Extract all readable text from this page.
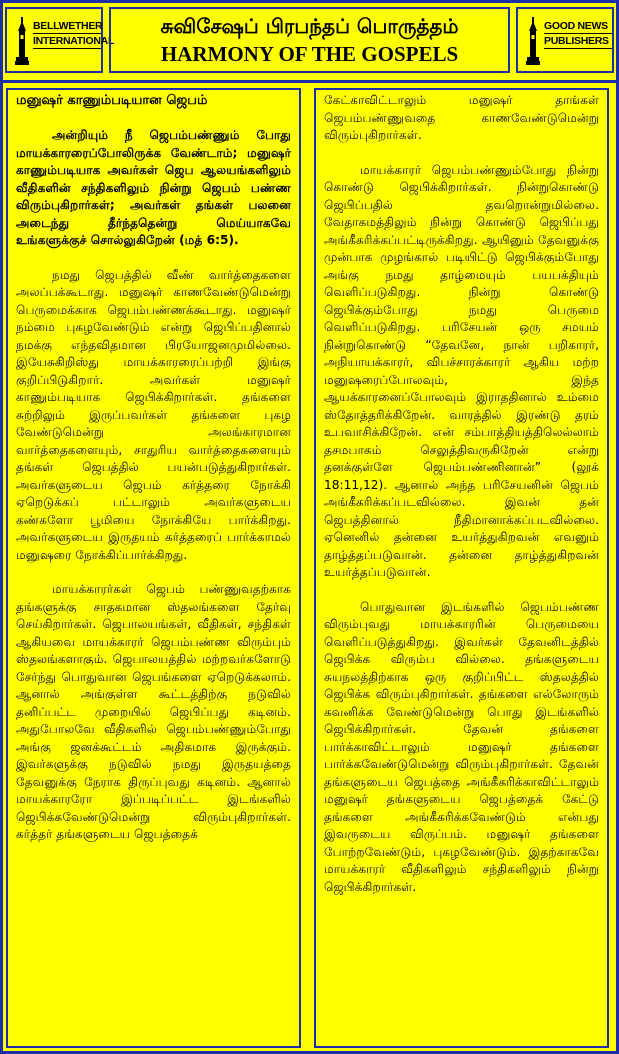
BELLWETHER
INTERNATIONAL
சுவிசேஷப் பிரபந்தப் பொருத்தம்
HARMONY OF THE GOSPELS
GOOD NEWS
PUBLISHERS

மனுஷர் காணும்படியான ஜெபம்

அன்றியும் நீ ஜெபம்பண்ணும் போது மாயக்காரரைப்போலிருக்க வேண்டாம்; மனுஷர் காணும்படியாக அவர்கள் ஜெப ஆலயங்களிலும் வீதிகளின் சந்திகளிலும் நின்று ஜெபம் பண்ண விரும்புகிறார்கள்; அவர்கள் தங்கள் பலனை அடைந்து தீர்ந்ததென்று மெய்யாகவே உங்களுக்குச் சொல்லுகிறேன் (மத் 6:5).

நமது ஜெபத்தில் வீண் வார்த்தைகளை அலப்பக்கூடாது. மனுஷர் காணவேண்டுமென்று பெருமைக்காக ஜெபம்பண்ணக்கூடாது. மனுஷர் நம்மை புகழவேண்டும் என்று ஜெபிப்பதினால் நமக்கு எந்தவிதமான பிரயோஜனமுமில்லை. இயேசுகிறிஸ்து மாயக்காரரைப்பற்றி இங்கு குறிப்பிடுகிறார். அவர்கள் மனுஷர் காணும்படியாக ஜெபிக்கிறார்கள். தங்களை சுற்றிலும் இருப்பவர்கள் தங்களை புகழ வேண்டுமென்று அலங்காரமான வார்த்தைகளையும், சாதுரிய வார்த்தைகளையும் தங்கள் ஜெபத்தில் பயன்படுத்துகிறார்கள். அவர்களுடைய ஜெபம் கர்த்தரை நோக்கி ஏறெடுக்கப் பட்டாலும் அவர்களுடைய கண்களோ பூமியை நோக்கியே பார்க்கிறது. அவர்களுடைய இருதயம் கர்த்தரைப் பார்க்காமல் மனுஷரை நோக்கிப்பார்க்கிறது.

மாயக்காரர்கள் ஜெபம் பண்ணுவதற்காக தங்களுக்கு சாதகமான ஸ்தலங்களை தேர்வு செய்கிறார்கள். ஜெபாலயங்கள், வீதிகள், சந்திகள் ஆகியவை மாயக்காரர் ஜெபம்பண்ண விரும்பும் ஸ்தலங்களாகும். ஜெபாலயத்தில் மற்றவர்களோடு சேர்ந்து பொதுவான ஜெபங்களை ஏறெடுக்கலாம். ஆனால் அங்குள்ள கூட்டத்திற்கு நடுவில் தனிப்பட்ட முறையில் ஜெபிப்பது கடினம். அதுபோலவே வீதிகளில் ஜெபம்பண்ணும்போது அங்கு ஜனக்கூட்டம் அதிகமாக இருக்கும். இவர்களுக்கு நடுவில் நமது இருதயத்தை தேவனுக்கு நேராக திருப்புவது கடினம். ஆனால் மாயக்காரரோ இப்படிப்பட்ட இடங்களில் ஜெபிக்கவேண்டுமென்று விரும்புகிறார்கள். கர்த்தர் தங்களுடைய ஜெபத்தைக்

கேட்காவிட்டாலும் மனுஷர் தாங்கள் ஜெபம்பண்ணுவதை காணவேண்டுமென்று விரும்புகிறார்கள்.

மாயக்காரர் ஜெபம்பண்ணும்போது நின்று கொண்டு ஜெபிக்கிறார்கள். நின்றுகொண்டு ஜெபிப்பதில் தவறொன்றுமில்லை. வேதாகமத்திலும் நின்று கொண்டு ஜெபிப்பது அங்கீகரிக்கப்பட்டிருக்கிறது. ஆயினும் தேவனுக்கு முன்பாக முழங்கால் படியிட்டு ஜெபிக்கும்போது அங்கு நமது தாழ்மையும் பயபக்தியும் வெளிப்படுகிறது. நின்று கொண்டு ஜெபிக்கும்போது நமது பெருமை வெளிப்படுகிறது. பரிசேயன் ஒரு சமயம் நின்றுகொண்டு “தேவனே, நான் பறிகாரர், அநியாயக்காரர், விபச்சாரக்காரர் ஆகிய மற்ற மனுஷரைப்போலவும், இந்த ஆயக்காரனைப்போலவும் இராததினால் உம்மை ஸ்தோத்தரிக்கிறேன். வாரத்தில் இரண்டு தரம் உபவாசிக்கிறேன். என் சம்பாத்தியத்திலெல்லாம் தசமபாகம் செலுத்திவருகிறேன் என்று தனக்குள்ளே ஜெபம்பண்ணினான்” (லூக் 18:11,12). ஆனால் அந்த பரிசேயனின் ஜெபம் அங்கீகரிக்கப்படவில்லை. இவன் தன் ஜெபத்தினால் நீதிமானாக்கப்படவில்லை. ஏனெனில் தன்னை உயர்த்துகிறவன் எவனும் தாழ்த்தப்படுவான். தன்னை தாழ்த்துகிறவன் உயர்த்தப்படுவான்.

பொதுவான இடங்களில் ஜெபம்பண்ண விரும்புவது மாயக்காரரின் பெருமையை வெளிப்படுத்துகிறது. இவர்கள் தேவனிடத்தில் ஜெபிக்க விரும்ப வில்லை. தங்களுடைய சுயநலத்திற்காக ஒரு குறிப்பிட்ட ஸ்தலத்தில் ஜெபிக்க விரும்புகிறார்கள். தங்களை எல்லோரும் கவனிக்க வேண்டுமென்று பொது இடங்களில் ஜெபிக்கிறார்கள். தேவன் தங்களை பார்க்காவிட்டாலும் மனுஷர் தங்களை பார்க்கவேண்டுமென்று விரும்புகிறார்கள். தேவன் தங்களுடைய ஜெபத்தை அங்கீகரிக்காவிட்டாலும் மனுஷர் தங்களுடைய ஜெபத்தைக் கேட்டு தங்களை அங்கீகரிக்கவேண்டும் என்பது இவருடைய விருப்பம். மனுஷர் தங்களை போற்றவேண்டும், புகழவேண்டும். இதற்காகவே மாயக்காரர் வீதிகளிலும் சந்திகளிலும் நின்று ஜெபிக்கிறார்கள்.
